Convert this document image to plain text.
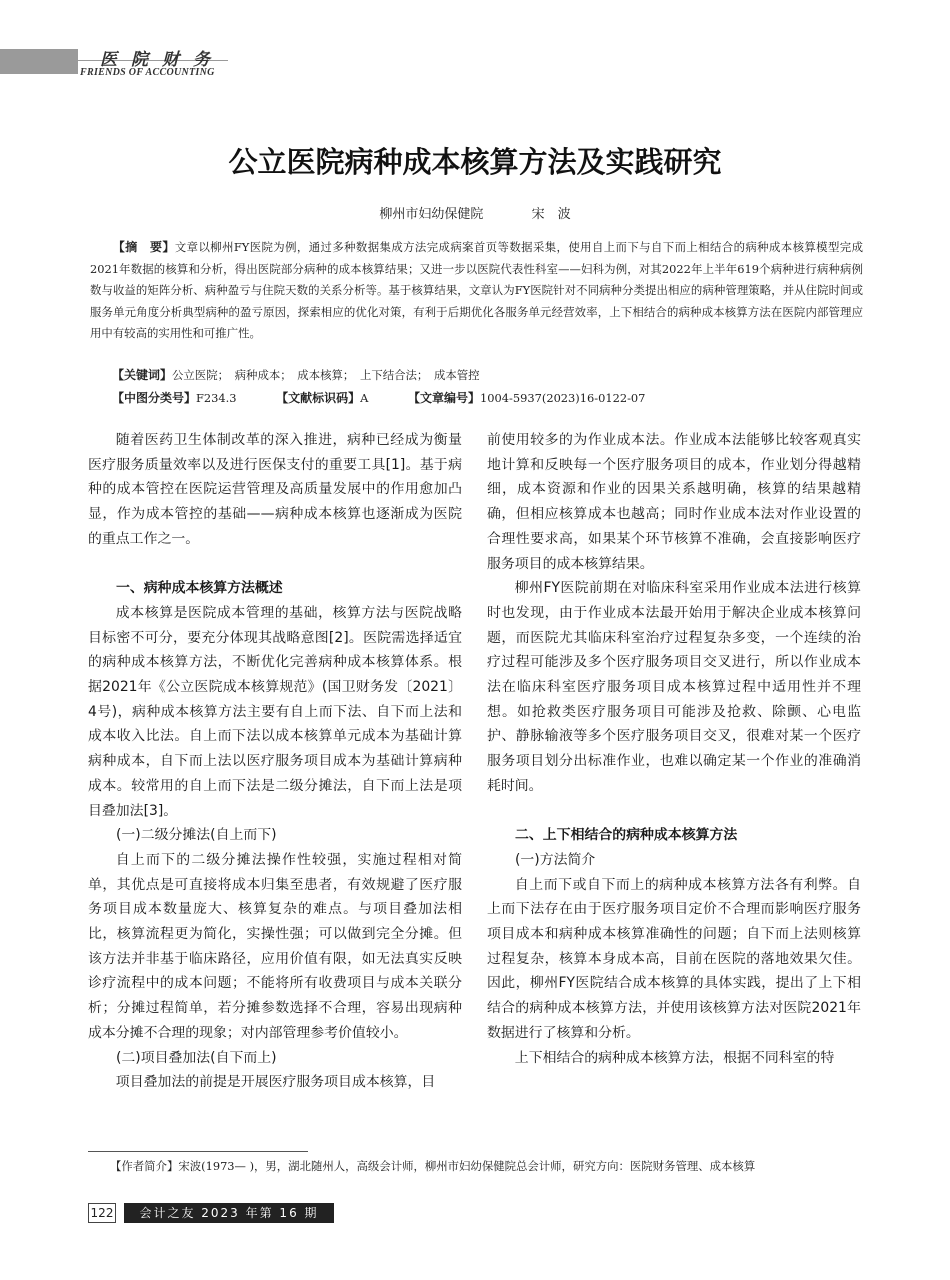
医院财务
FRIENDS OF ACCOUNTING
公立医院病种成本核算方法及实践研究
柳州市妇幼保健院	宋　波

【摘　要】文章以柳州FY医院为例，通过多种数据集成方法完成病案首页等数据采集，使用自上而下与自下而上相结合的病种成本核算模型完成2021年数据的核算和分析，得出医院部分病种的成本核算结果；又进一步以医院代表性科室——妇科为例，对其2022年上半年619个病种进行病种病例数与收益的矩阵分析、病种盈亏与住院天数的关系分析等。基于核算结果，文章认为FY医院针对不同病种分类提出相应的病种管理策略，并从住院时间或服务单元角度分析典型病种的盈亏原因，探索相应的优化对策，有利于后期优化各服务单元经营效率，上下相结合的病种成本核算方法在医院内部管理应用中有较高的实用性和可推广性。

【关键词】公立医院；　病种成本；　成本核算；　上下结合法；　成本管控
【中图分类号】F234.3	【文献标识码】A	【文章编号】1004-5937(2023)16-0122-07

随着医药卫生体制改革的深入推进，病种已经成为衡量医疗服务质量效率以及进行医保支付的重要工具[1]。基于病种的成本管控在医院运营管理及高质量发展中的作用愈加凸显，作为成本管控的基础——病种成本核算也逐渐成为医院的重点工作之一。

一、病种成本核算方法概述

成本核算是医院成本管理的基础，核算方法与医院战略目标密不可分，要充分体现其战略意图[2]。医院需选择适宜的病种成本核算方法，不断优化完善病种成本核算体系。根据2021年《公立医院成本核算规范》(国卫财务发〔2021〕4号)，病种成本核算方法主要有自上而下法、自下而上法和成本收入比法。自上而下法以成本核算单元成本为基础计算病种成本，自下而上法以医疗服务项目成本为基础计算病种成本。较常用的自上而下法是二级分摊法，自下而上法是项目叠加法[3]。

(一)二级分摊法(自上而下)

自上而下的二级分摊法操作性较强，实施过程相对简单，其优点是可直接将成本归集至患者，有效规避了医疗服务项目成本数量庞大、核算复杂的难点。与项目叠加法相比，核算流程更为简化，实操性强；可以做到完全分摊。但该方法并非基于临床路径，应用价值有限，如无法真实反映诊疗流程中的成本问题；不能将所有收费项目与成本关联分析；分摊过程简单，若分摊参数选择不合理，容易出现病种成本分摊不合理的现象；对内部管理参考价值较小。

(二)项目叠加法(自下而上)

项目叠加法的前提是开展医疗服务项目成本核算，目

前使用较多的为作业成本法。作业成本法能够比较客观真实地计算和反映每一个医疗服务项目的成本，作业划分得越精细，成本资源和作业的因果关系越明确，核算的结果越精确，但相应核算成本也越高；同时作业成本法对作业设置的合理性要求高，如果某个环节核算不准确，会直接影响医疗服务项目的成本核算结果。

柳州FY医院前期在对临床科室采用作业成本法进行核算时也发现，由于作业成本法最开始用于解决企业成本核算问题，而医院尤其临床科室治疗过程复杂多变，一个连续的治疗过程可能涉及多个医疗服务项目交叉进行，所以作业成本法在临床科室医疗服务项目成本核算过程中适用性并不理想。如抢救类医疗服务项目可能涉及抢救、除颤、心电监护、静脉输液等多个医疗服务项目交叉，很难对某一个医疗服务项目划分出标准作业，也难以确定某一个作业的准确消耗时间。

二、上下相结合的病种成本核算方法

(一)方法简介

自上而下或自下而上的病种成本核算方法各有利弊。自上而下法存在由于医疗服务项目定价不合理而影响医疗服务项目成本和病种成本核算准确性的问题；自下而上法则核算过程复杂，核算本身成本高，目前在医院的落地效果欠佳。因此，柳州FY医院结合成本核算的具体实践，提出了上下相结合的病种成本核算方法，并使用该核算方法对医院2021年数据进行了核算和分析。

上下相结合的病种成本核算方法，根据不同科室的特

【作者简介】宋波(1973— )，男，湖北随州人，高级会计师，柳州市妇幼保健院总会计师，研究方向：医院财务管理、成本核算
122	会计之友 2023 年第 16 期
